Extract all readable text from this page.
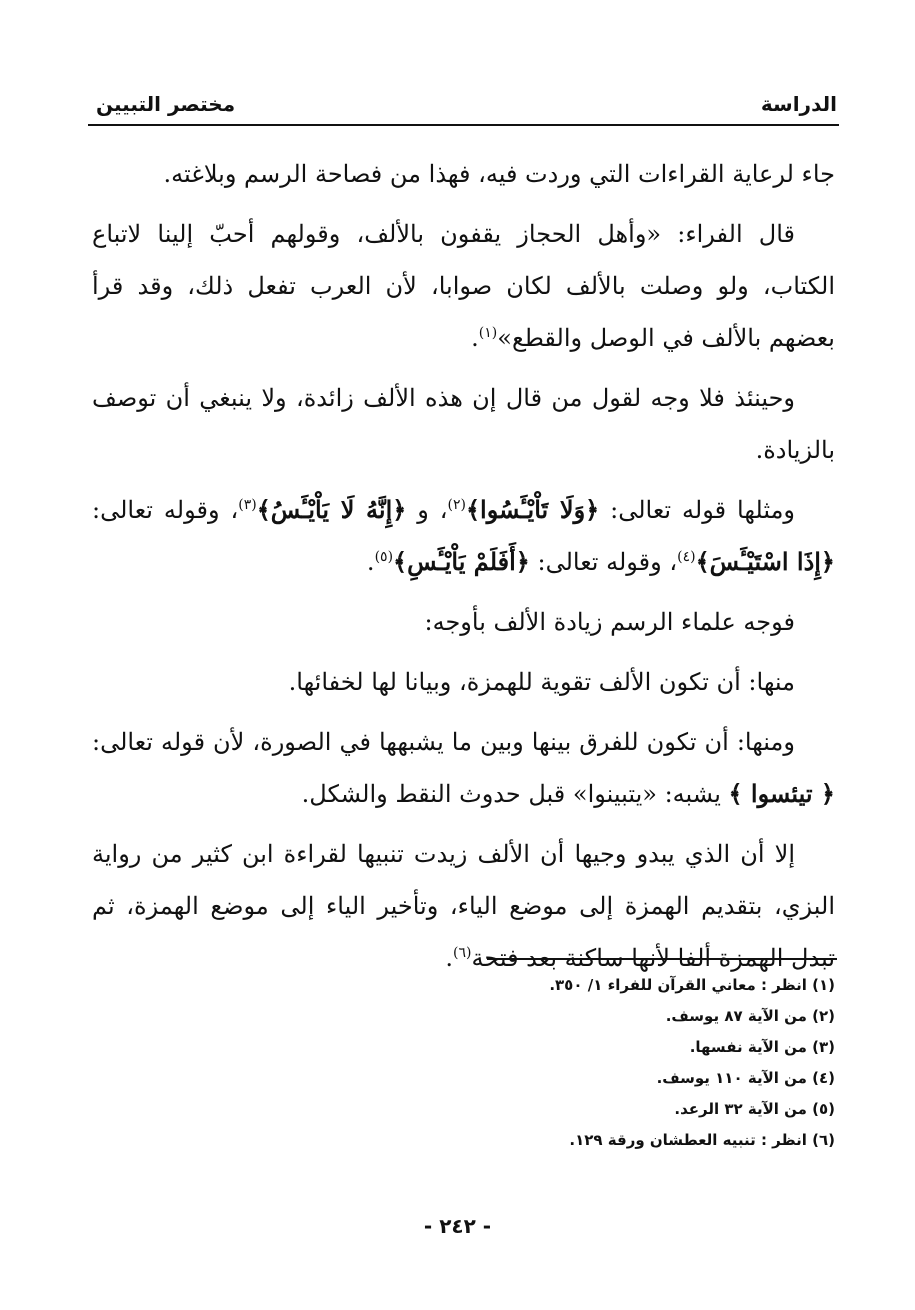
الدراسة
مختصر التبيين

جاء لرعاية القراءات التي وردت فيه، فهذا من فصاحة الرسم وبلاغته.

قال الفراء: «وأهل الحجاز يقفون بالألف، وقولهم أحبّ إلينا لاتباع الكتاب، ولو وصلت بالألف لكان صوابا، لأن العرب تفعل ذلك، وقد قرأ بعضهم بالألف في الوصل والقطع»$^{(١)}$.

وحينئذ فلا وجه لقول من قال إن هذه الألف زائدة، ولا ينبغي أن توصف بالزيادة.

ومثلها قوله تعالى: ﴿وَلَا تَاْيْـَٔسُوا﴾$^{(٢)}$، و ﴿إِنَّهُ لَا يَاْيْـَٔسُ﴾$^{(٣)}$، وقوله تعالى: ﴿إِذَا اسْتَيْـَٔسَ﴾$^{(٤)}$، وقوله تعالى: ﴿أَفَلَمْ يَاْيْـَٔسِ﴾$^{(٥)}$.

فوجه علماء الرسم زيادة الألف بأوجه:

منها: أن تكون الألف تقوية للهمزة، وبيانا لها لخفائها.

ومنها: أن تكون للفرق بينها وبين ما يشبهها في الصورة، لأن قوله تعالى: ﴿ تيئسوا ﴾ يشبه: «يتبينوا» قبل حدوث النقط والشكل.

إلا أن الذي يبدو وجيها أن الألف زيدت تنبيها لقراءة ابن كثير من رواية البزي، بتقديم الهمزة إلى موضع الياء، وتأخير الياء إلى موضع الهمزة، ثم تبدل الهمزة ألفا لأنها ساكنة بعد فتحة$^{(٦)}$.

(١) انظر : معاني القرآن للفراء ١/ ٣٥٠.
(٢) من الآية ٨٧ يوسف.
(٣) من الآية نفسها.
(٤) من الآية ١١٠ يوسف.
(٥) من الآية ٣٢ الرعد.
(٦) انظر : تنبيه العطشان ورقة ١٢٩.
- ٢٤٢ -
